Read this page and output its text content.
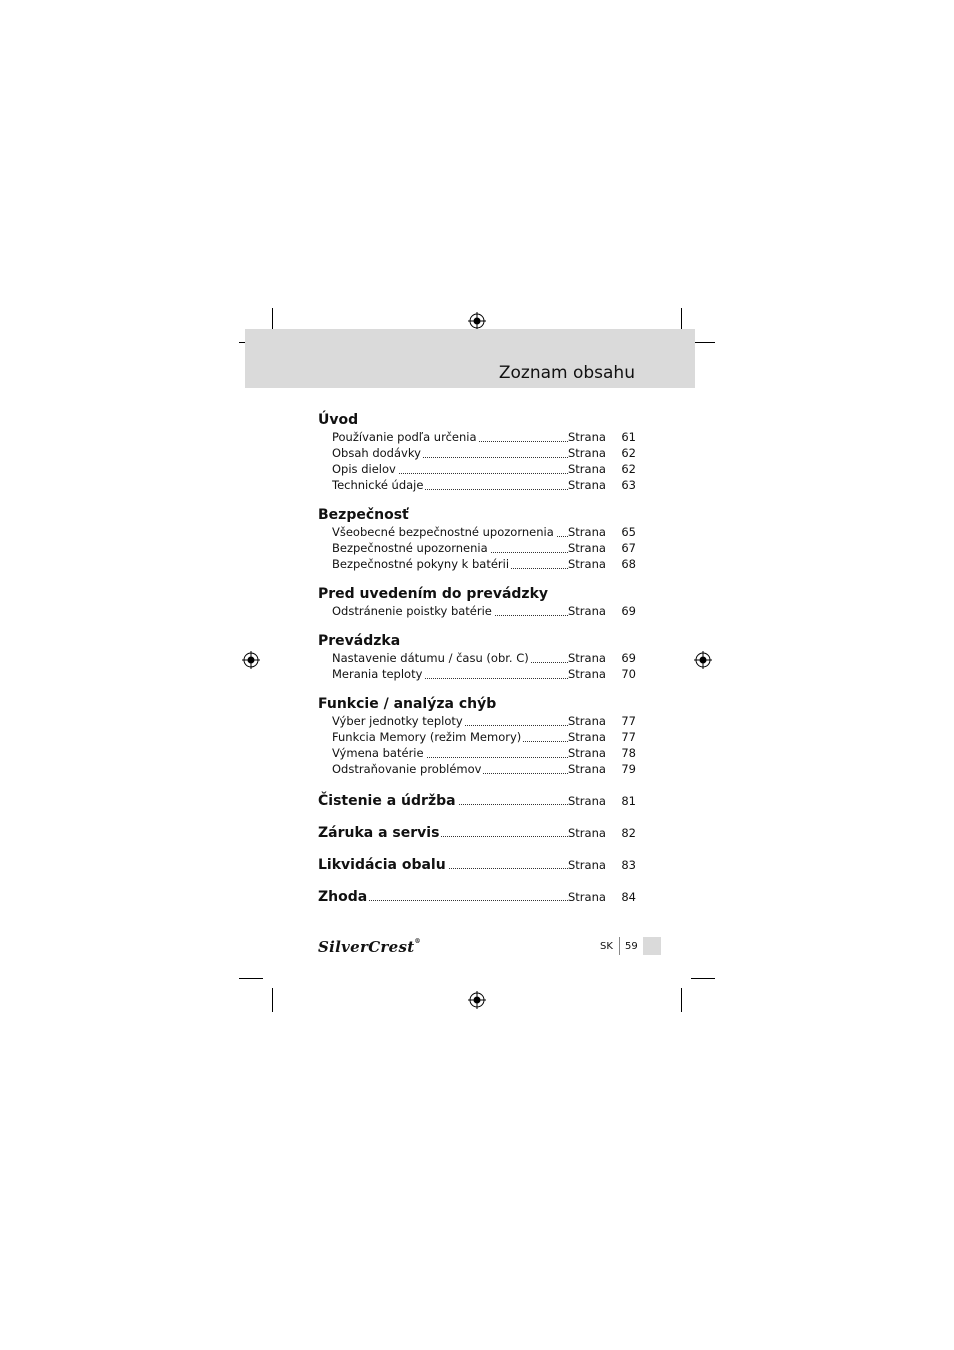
Zoznam obsahu
Úvod
Používanie podľa určenia	Strana 61
Obsah dodávky	Strana 62
Opis dielov	Strana 62
Technické údaje	Strana 63
Bezpečnosť
Všeobecné bezpečnostné upozornenia	Strana 65
Bezpečnostné upozornenia	Strana 67
Bezpečnostné pokyny k batérii	Strana 68
Pred uvedením do prevádzky
Odstránenie poistky batérie	Strana 69
Prevádzka
Nastavenie dátumu / času (obr. C)	Strana 69
Merania teploty	Strana 70
Funkcie / analýza chýb
Výber jednotky teploty	Strana 77
Funkcia Memory (režim Memory)	Strana 77
Výmena batérie	Strana 78
Odstraňovanie problémov	Strana 79
Čistenie a údržba	Strana 81
Záruka a servis	Strana 82
Likvidácia obalu	Strana 83
Zhoda	Strana 84
SilverCrest®	SK 59
